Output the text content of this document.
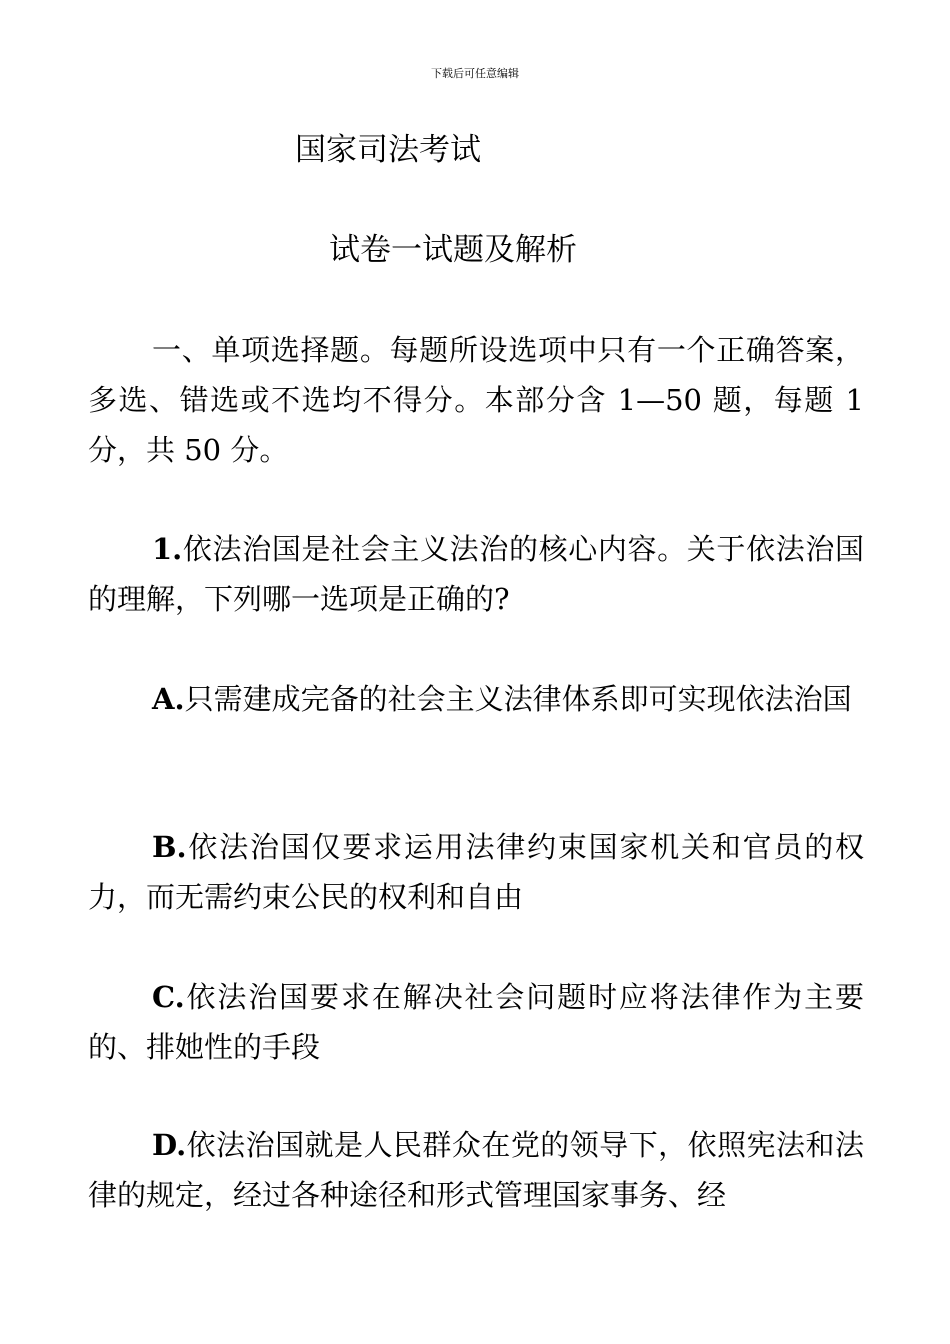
下载后可任意编辑
国家司法考试
试卷一试题及解析
一、单项选择题。每题所设选项中只有一个正确答案，多选、错选或不选均不得分。本部分含 1—50 题，每题 1 分，共 50 分。
1.依法治国是社会主义法治的核心内容。关于依法治国的理解，下列哪一选项是正确的?
A.只需建成完备的社会主义法律体系即可实现依法治国
B.依法治国仅要求运用法律约束国家机关和官员的权力，而无需约束公民的权利和自由
C.依法治国要求在解决社会问题时应将法律作为主要的、排她性的手段
D.依法治国就是人民群众在党的领导下，依照宪法和法律的规定，经过各种途径和形式管理国家事务、经
